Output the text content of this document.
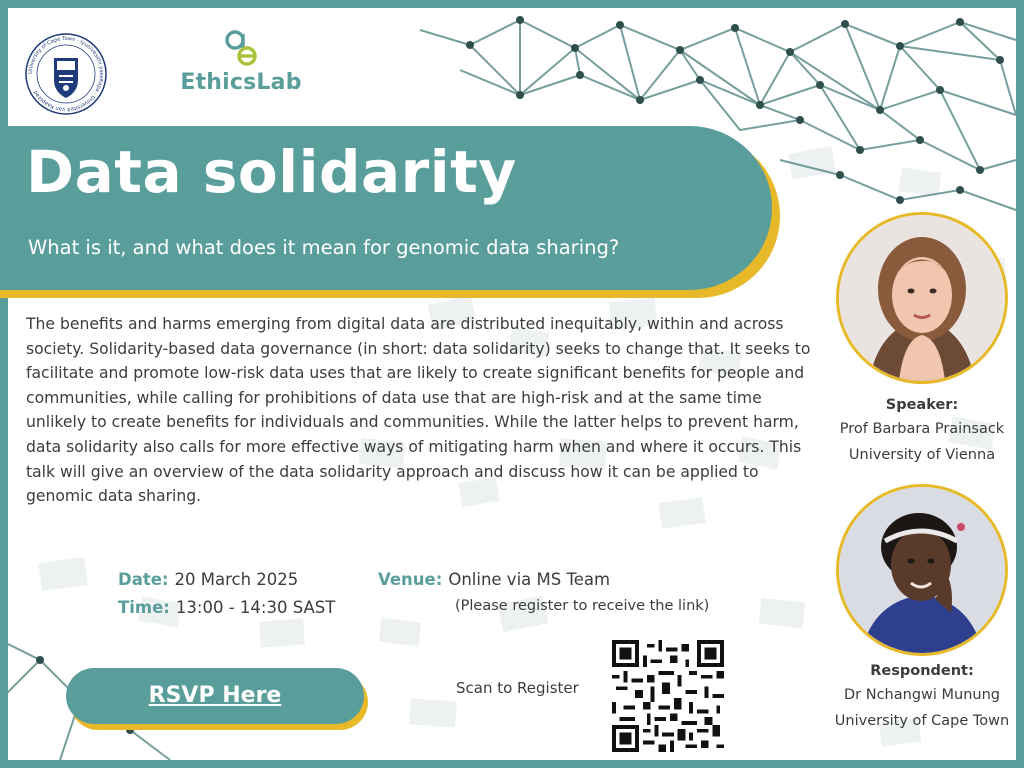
University of Cape Town · Iyunivesithi yaseKapa · Universiteit van Kaapstad	EthicsLab
Data solidarity
What is it, and what does it mean for genomic data sharing?

The benefits and harms emerging from digital data are distributed inequitably, within and across society. Solidarity-based data governance (in short: data solidarity) seeks to change that. It seeks to facilitate and promote low-risk data uses that are likely to create significant benefits for people and communities, while calling for prohibitions of data use that are high-risk and at the same time unlikely to create benefits for individuals and communities. While the latter helps to prevent harm, data solidarity also calls for more effective ways of mitigating harm when and where it occurs. This talk will give an overview of the data solidarity approach and discuss how it can be applied to genomic data sharing.

Date: 20 March 2025
Time: 13:00 - 14:30 SAST
Venue: Online via MS Team
(Please register to receive the link)
RSVP Here	Scan to Register
Speaker:
Prof Barbara Prainsack
University of Vienna
Respondent:
Dr Nchangwi Munung
University of Cape Town
